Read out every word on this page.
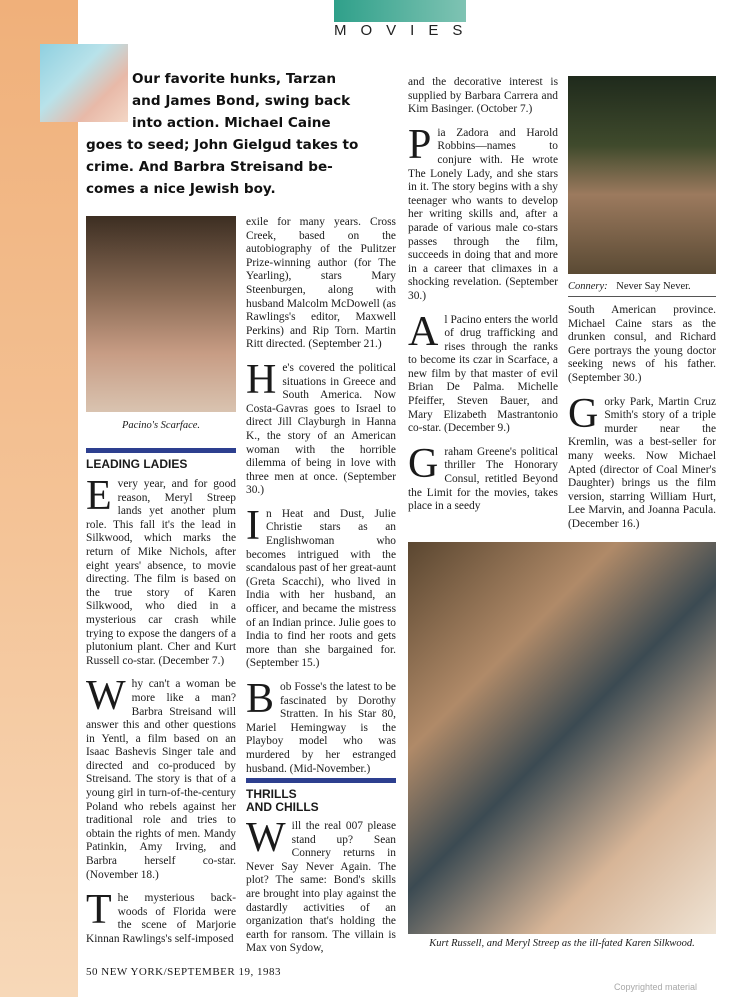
MOVIES
Our favorite hunks, Tarzan
and James Bond, swing back
into action. Michael Caine
goes to seed; John Gielgud takes to
crime. And Barbra Streisand be-
comes a nice Jewish boy.
Pacino's Scarface.
LEADING LADIES

Every year, and for good reason, Meryl Streep lands yet another plum role. This fall it's the lead in Silkwood, which marks the return of Mike Nichols, after eight years' absence, to movie directing. The film is based on the true story of Karen Silkwood, who died in a mysterious car crash while trying to expose the dangers of a plutonium plant. Cher and Kurt Russell co-star. (December 7.)

Why can't a woman be more like a man? Barbra Streisand will answer this and other questions in Yentl, a film based on an Isaac Bashevis Singer tale and directed and co-produced by Streisand. The story is that of a young girl in turn-of-the-century Poland who rebels against her traditional role and tries to obtain the rights of men. Mandy Patinkin, Amy Irving, and Barbra herself co-star. (November 18.)

The mysterious back-woods of Florida were the scene of Marjorie Kinnan Rawlings's self-imposed

exile for many years. Cross Creek, based on the autobiography of the Pulitzer Prize-winning author (for The Yearling), stars Mary Steenburgen, along with husband Malcolm McDowell (as Rawlings's editor, Maxwell Perkins) and Rip Torn. Martin Ritt directed. (September 21.)

He's covered the political situations in Greece and South America. Now Costa-Gavras goes to Israel to direct Jill Clayburgh in Hanna K., the story of an American woman with the horrible dilemma of being in love with three men at once. (September 30.)

In Heat and Dust, Julie Christie stars as an Englishwoman who becomes intrigued with the scandalous past of her great-aunt (Greta Scacchi), who lived in India with her husband, an officer, and became the mistress of an Indian prince. Julie goes to India to find her roots and gets more than she bargained for. (September 15.)

Bob Fosse's the latest to be fascinated by Dorothy Stratten. In his Star 80, Mariel Hemingway is the Playboy model who was murdered by her estranged husband. (Mid-November.)

THRILLS
AND CHILLS

Will the real 007 please stand up? Sean Connery returns in Never Say Never Again. The plot? The same: Bond's skills are brought into play against the dastardly activities of an organization that's holding the earth for ransom. The villain is Max von Sydow,

and the decorative interest is supplied by Barbara Carrera and Kim Basinger. (October 7.)

Pia Zadora and Harold Robbins—names to conjure with. He wrote The Lonely Lady, and she stars in it. The story begins with a shy teenager who wants to develop her writing skills and, after a parade of various male co-stars passes through the film, succeeds in doing that and more in a career that climaxes in a shocking revelation. (September 30.)

Al Pacino enters the world of drug trafficking and rises through the ranks to become its czar in Scarface, a new film by that master of evil Brian De Palma. Michelle Pfeiffer, Steven Bauer, and Mary Elizabeth Mastrantonio co-star. (December 9.)

Graham Greene's political thriller The Honorary Consul, retitled Beyond the Limit for the movies, takes place in a seedy

Connery: Never Say Never.

South American province. Michael Caine stars as the drunken consul, and Richard Gere portrays the young doctor seeking news of his father. (September 30.)

Gorky Park, Martin Cruz Smith's story of a triple murder near the Kremlin, was a best-seller for many weeks. Now Michael Apted (director of Coal Miner's Daughter) brings us the film version, starring William Hurt, Lee Marvin, and Joanna Pacula. (December 16.)

Kurt Russell, and Meryl Streep as the ill-fated Karen Silkwood.
50 NEW YORK/SEPTEMBER 19, 1983
Copyrighted material
